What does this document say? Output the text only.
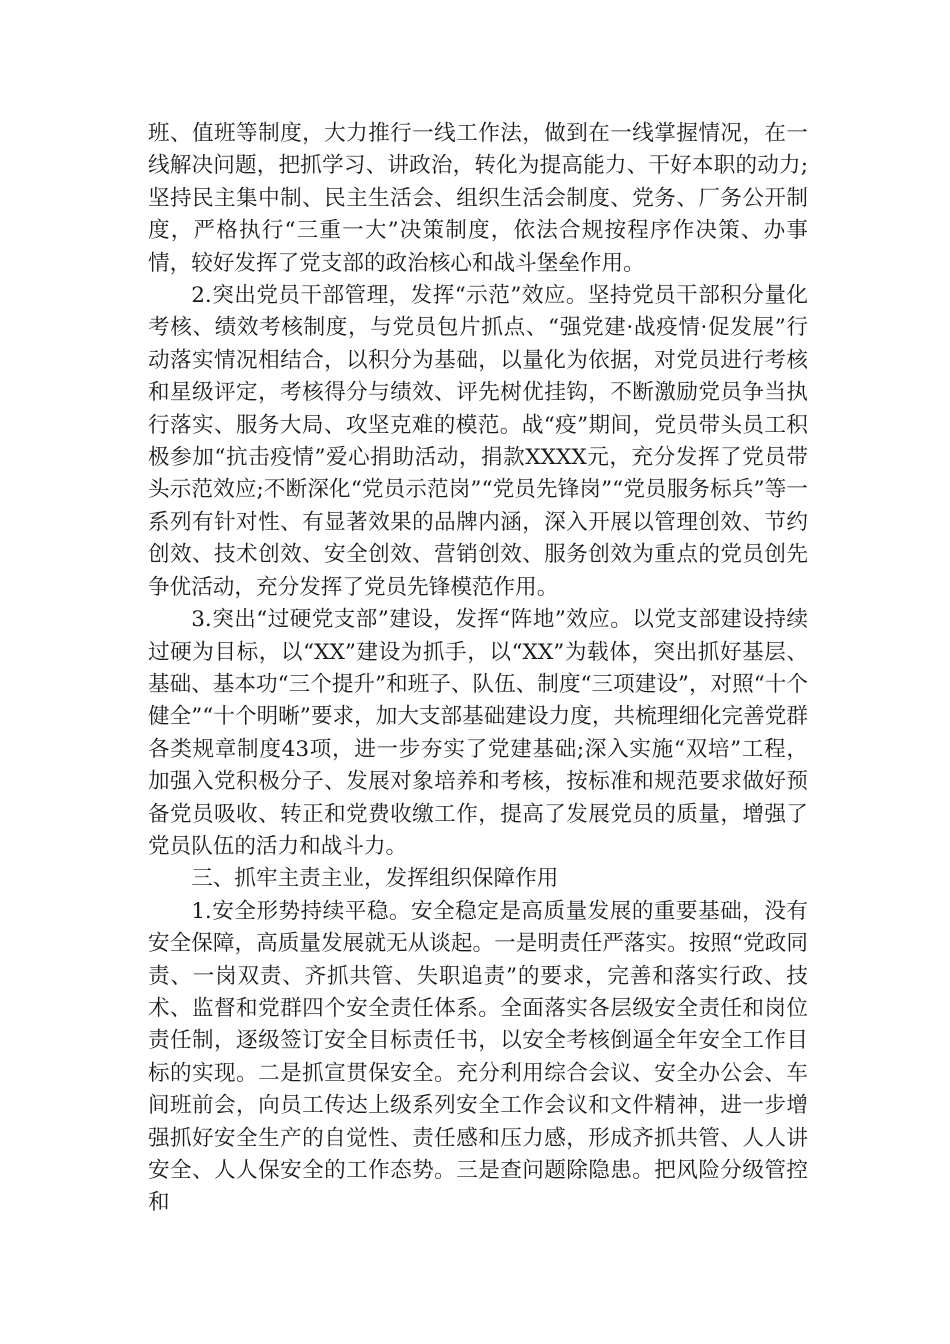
班、值班等制度，大力推行一线工作法，做到在一线掌握情况，在一线解决问题，把抓学习、讲政治，转化为提高能力、干好本职的动力;坚持民主集中制、民主生活会、组织生活会制度、党务、厂务公开制度，严格执行“三重一大”决策制度，依法合规按程序作决策、办事情，较好发挥了党支部的政治核心和战斗堡垒作用。

2.突出党员干部管理，发挥“示范”效应。坚持党员干部积分量化考核、绩效考核制度，与党员包片抓点、“强党建·战疫情·促发展”行动落实情况相结合，以积分为基础，以量化为依据，对党员进行考核和星级评定，考核得分与绩效、评先树优挂钩，不断激励党员争当执行落实、服务大局、攻坚克难的模范。战“疫”期间，党员带头员工积极参加“抗击疫情”爱心捐助活动，捐款XXXX元，充分发挥了党员带头示范效应;不断深化“党员示范岗”“党员先锋岗”“党员服务标兵”等一系列有针对性、有显著效果的品牌内涵，深入开展以管理创效、节约创效、技术创效、安全创效、营销创效、服务创效为重点的党员创先争优活动，充分发挥了党员先锋模范作用。

3.突出“过硬党支部”建设，发挥“阵地”效应。以党支部建设持续过硬为目标，以“XX”建设为抓手，以“XX”为载体，突出抓好基层、基础、基本功“三个提升”和班子、队伍、制度“三项建设”，对照“十个健全”“十个明晰”要求，加大支部基础建设力度，共梳理细化完善党群各类规章制度43项，进一步夯实了党建基础;深入实施“双培”工程，加强入党积极分子、发展对象培养和考核，按标准和规范要求做好预备党员吸收、转正和党费收缴工作，提高了发展党员的质量，增强了党员队伍的活力和战斗力。

三、抓牢主责主业，发挥组织保障作用

1.安全形势持续平稳。安全稳定是高质量发展的重要基础，没有安全保障，高质量发展就无从谈起。一是明责任严落实。按照“党政同责、一岗双责、齐抓共管、失职追责”的要求，完善和落实行政、技术、监督和党群四个安全责任体系。全面落实各层级安全责任和岗位责任制，逐级签订安全目标责任书，以安全考核倒逼全年安全工作目标的实现。二是抓宣贯保安全。充分利用综合会议、安全办公会、车间班前会，向员工传达上级系列安全工作会议和文件精神，进一步增强抓好安全生产的自觉性、责任感和压力感，形成齐抓共管、人人讲安全、人人保安全的工作态势。三是查问题除隐患。把风险分级管控和
